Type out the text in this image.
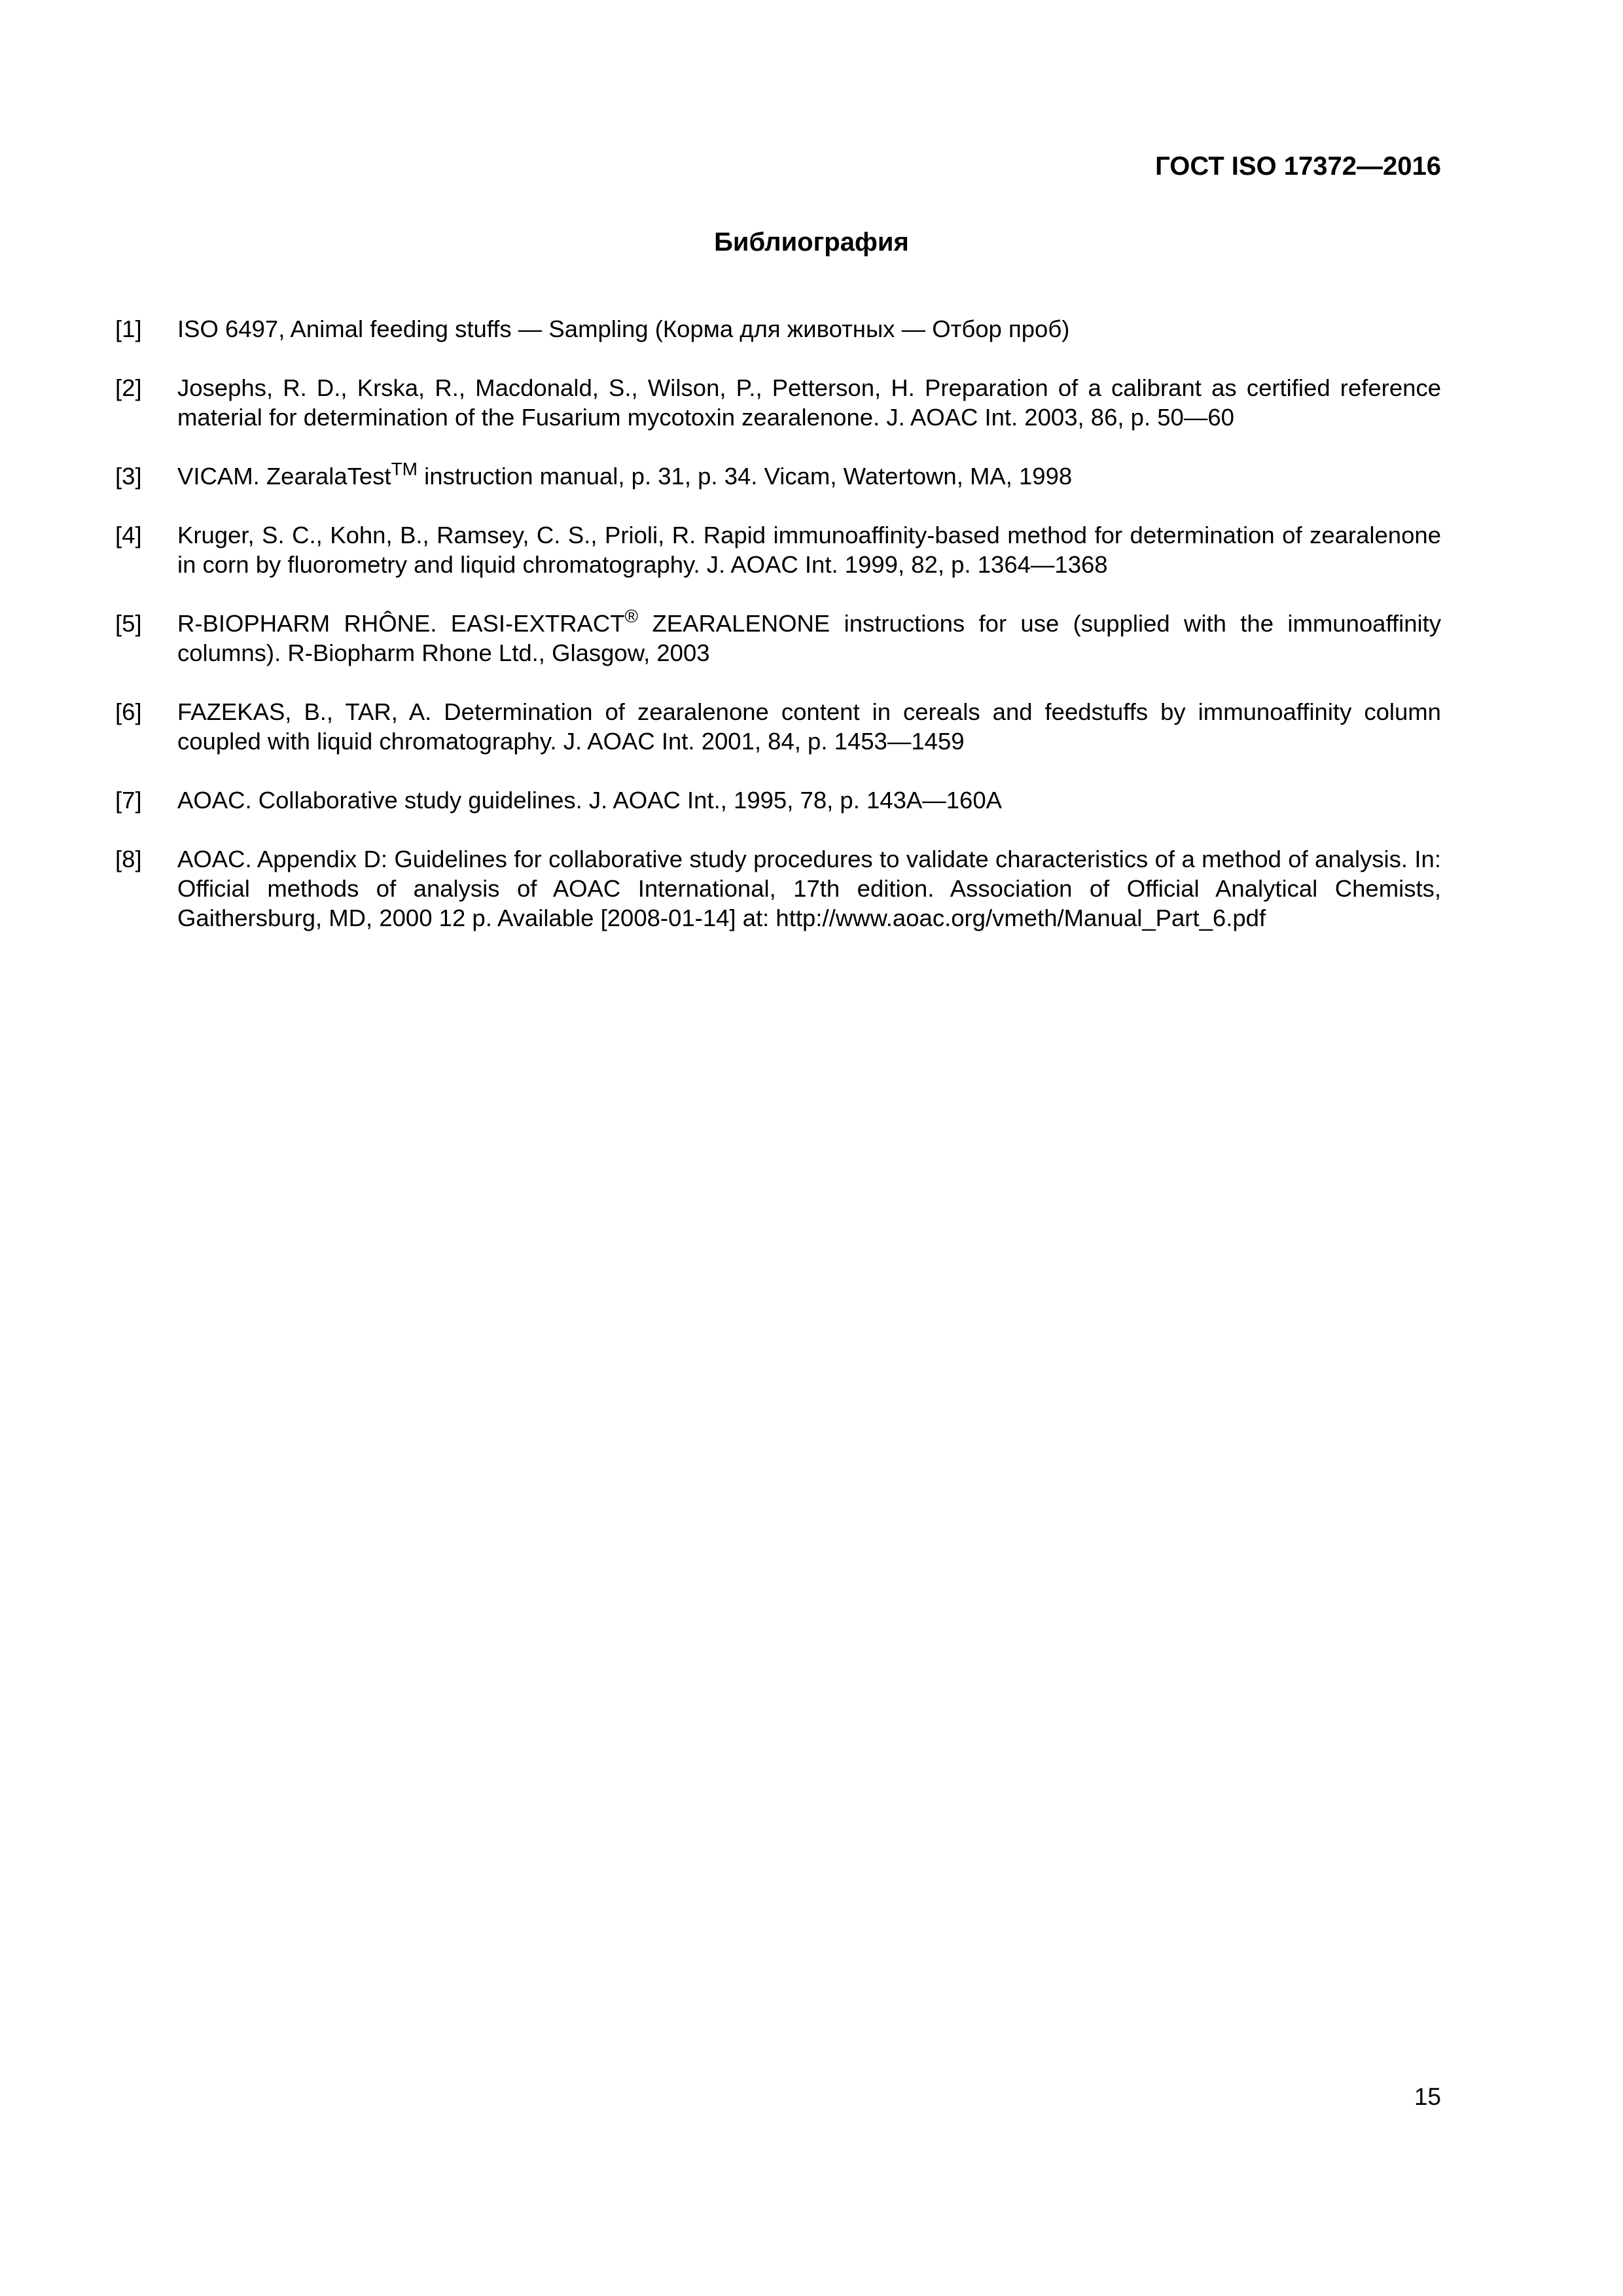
ГОСТ ISO 17372—2016
Библиография
[1]	ISO 6497, Animal feeding stuffs — Sampling (Корма для животных — Отбор проб)
[2]	Josephs, R. D., Krska, R., Macdonald, S., Wilson, P., Petterson, H. Preparation of a calibrant as certified reference material for determination of the Fusarium mycotoxin zearalenone. J. AOAC Int. 2003, 86, p. 50—60
[3]	VICAM. ZearalaTest™ instruction manual, p. 31, p. 34. Vicam, Watertown, MA, 1998
[4]	Kruger, S. C., Kohn, B., Ramsey, C. S., Prioli, R. Rapid immunoaffinity-based method for determination of zearalenone in corn by fluorometry and liquid chromatography. J. AOAC Int. 1999, 82, p. 1364—1368
[5]	R-BIOPHARM RHÔNE. EASI-EXTRACT® ZEARALENONE instructions for use (supplied with the immunoaffinity columns). R-Biopharm Rhone Ltd., Glasgow, 2003
[6]	FAZEKAS, B., TAR, A. Determination of zearalenone content in cereals and feedstuffs by immunoaffinity column coupled with liquid chromatography. J. AOAC Int. 2001, 84, p. 1453—1459
[7]	AOAC. Collaborative study guidelines. J. AOAC Int., 1995, 78, p. 143A—160A
[8]	AOAC. Appendix D: Guidelines for collaborative study procedures to validate characteristics of a method of analysis. In: Official methods of analysis of AOAC International, 17th edition. Association of Official Analytical Chemists, Gaithersburg, MD, 2000 12 p. Available [2008-01-14] at: http://www.aoac.org/vmeth/Manual_Part_6.pdf
15
